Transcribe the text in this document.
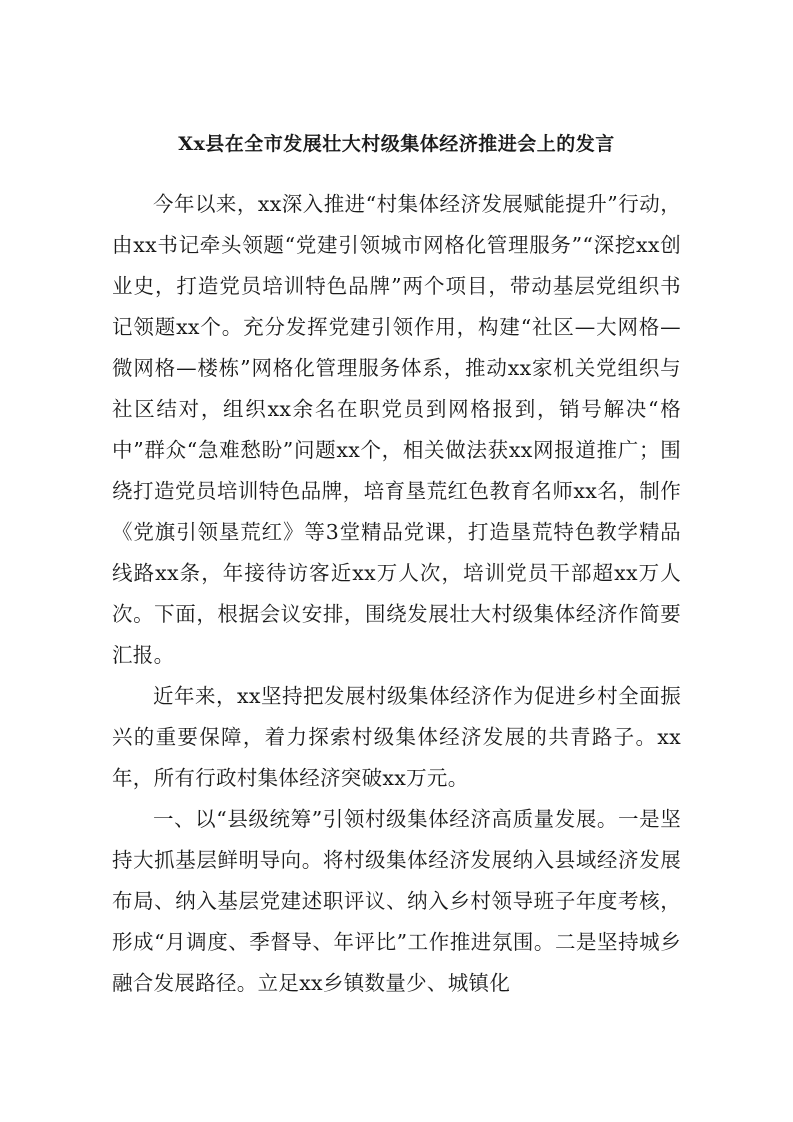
Xx县在全市发展壮大村级集体经济推进会上的发言

今年以来，xx深入推进“村集体经济发展赋能提升”行动，由xx书记牵头领题“党建引领城市网格化管理服务”“深挖xx创业史，打造党员培训特色品牌”两个项目，带动基层党组织书记领题xx个。充分发挥党建引领作用，构建“社区—大网格—微网格—楼栋”网格化管理服务体系，推动xx家机关党组织与社区结对，组织xx余名在职党员到网格报到，销号解决“格中”群众“急难愁盼”问题xx个，相关做法获xx网报道推广；围绕打造党员培训特色品牌，培育垦荒红色教育名师xx名，制作《党旗引领垦荒红》等3堂精品党课，打造垦荒特色教学精品线路xx条，年接待访客近xx万人次，培训党员干部超xx万人次。下面，根据会议安排，围绕发展壮大村级集体经济作简要汇报。

近年来，xx坚持把发展村级集体经济作为促进乡村全面振兴的重要保障，着力探索村级集体经济发展的共青路子。xx年，所有行政村集体经济突破xx万元。

一、以“县级统筹”引领村级集体经济高质量发展。一是坚持大抓基层鲜明导向。将村级集体经济发展纳入县域经济发展布局、纳入基层党建述职评议、纳入乡村领导班子年度考核，形成“月调度、季督导、年评比”工作推进氛围。二是坚持城乡融合发展路径。立足xx乡镇数量少、城镇化
